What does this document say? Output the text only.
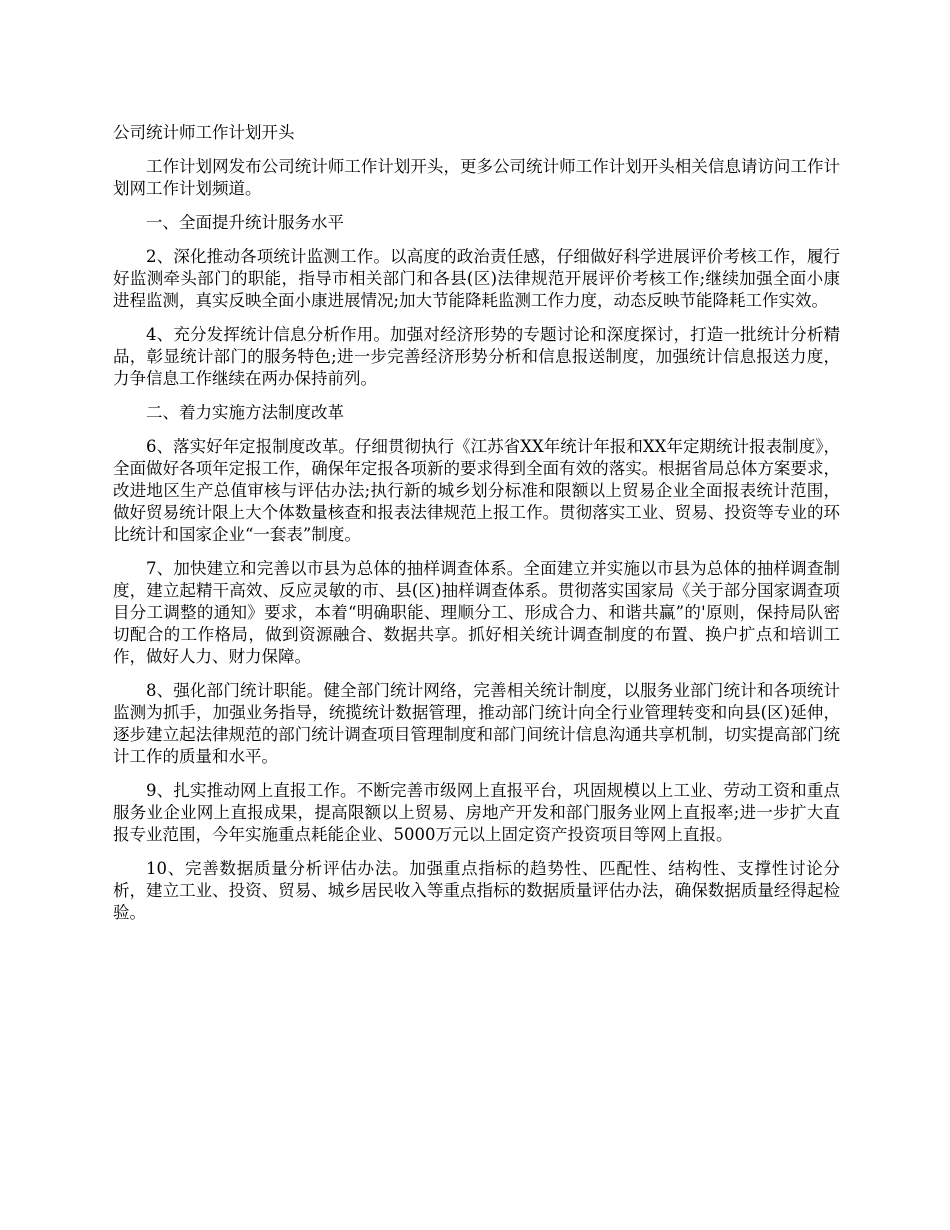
公司统计师工作计划开头

工作计划网发布公司统计师工作计划开头，更多公司统计师工作计划开头相关信息请访问工作计划网工作计划频道。

一、全面提升统计服务水平

2、深化推动各项统计监测工作。以高度的政治责任感，仔细做好科学进展评价考核工作，履行好监测牵头部门的职能，指导市相关部门和各县(区)法律规范开展评价考核工作;继续加强全面小康进程监测，真实反映全面小康进展情况;加大节能降耗监测工作力度，动态反映节能降耗工作实效。

4、充分发挥统计信息分析作用。加强对经济形势的专题讨论和深度探讨，打造一批统计分析精品，彰显统计部门的服务特色;进一步完善经济形势分析和信息报送制度，加强统计信息报送力度，力争信息工作继续在两办保持前列。

二、着力实施方法制度改革

6、落实好年定报制度改革。仔细贯彻执行《江苏省XX年统计年报和XX年定期统计报表制度》，全面做好各项年定报工作，确保年定报各项新的要求得到全面有效的落实。根据省局总体方案要求，改进地区生产总值审核与评估办法;执行新的城乡划分标准和限额以上贸易企业全面报表统计范围，做好贸易统计限上大个体数量核查和报表法律规范上报工作。贯彻落实工业、贸易、投资等专业的环比统计和国家企业“一套表”制度。

7、加快建立和完善以市县为总体的抽样调查体系。全面建立并实施以市县为总体的抽样调查制度，建立起精干高效、反应灵敏的市、县(区)抽样调查体系。贯彻落实国家局《关于部分国家调查项目分工调整的通知》要求，本着“明确职能、理顺分工、形成合力、和谐共赢”的'原则，保持局队密切配合的工作格局，做到资源融合、数据共享。抓好相关统计调查制度的布置、换户扩点和培训工作，做好人力、财力保障。

8、强化部门统计职能。健全部门统计网络，完善相关统计制度，以服务业部门统计和各项统计监测为抓手，加强业务指导，统揽统计数据管理，推动部门统计向全行业管理转变和向县(区)延伸，逐步建立起法律规范的部门统计调查项目管理制度和部门间统计信息沟通共享机制，切实提高部门统计工作的质量和水平。

9、扎实推动网上直报工作。不断完善市级网上直报平台，巩固规模以上工业、劳动工资和重点服务业企业网上直报成果，提高限额以上贸易、房地产开发和部门服务业网上直报率;进一步扩大直报专业范围，今年实施重点耗能企业、5000万元以上固定资产投资项目等网上直报。

10、完善数据质量分析评估办法。加强重点指标的趋势性、匹配性、结构性、支撑性讨论分析，建立工业、投资、贸易、城乡居民收入等重点指标的数据质量评估办法，确保数据质量经得起检验。
